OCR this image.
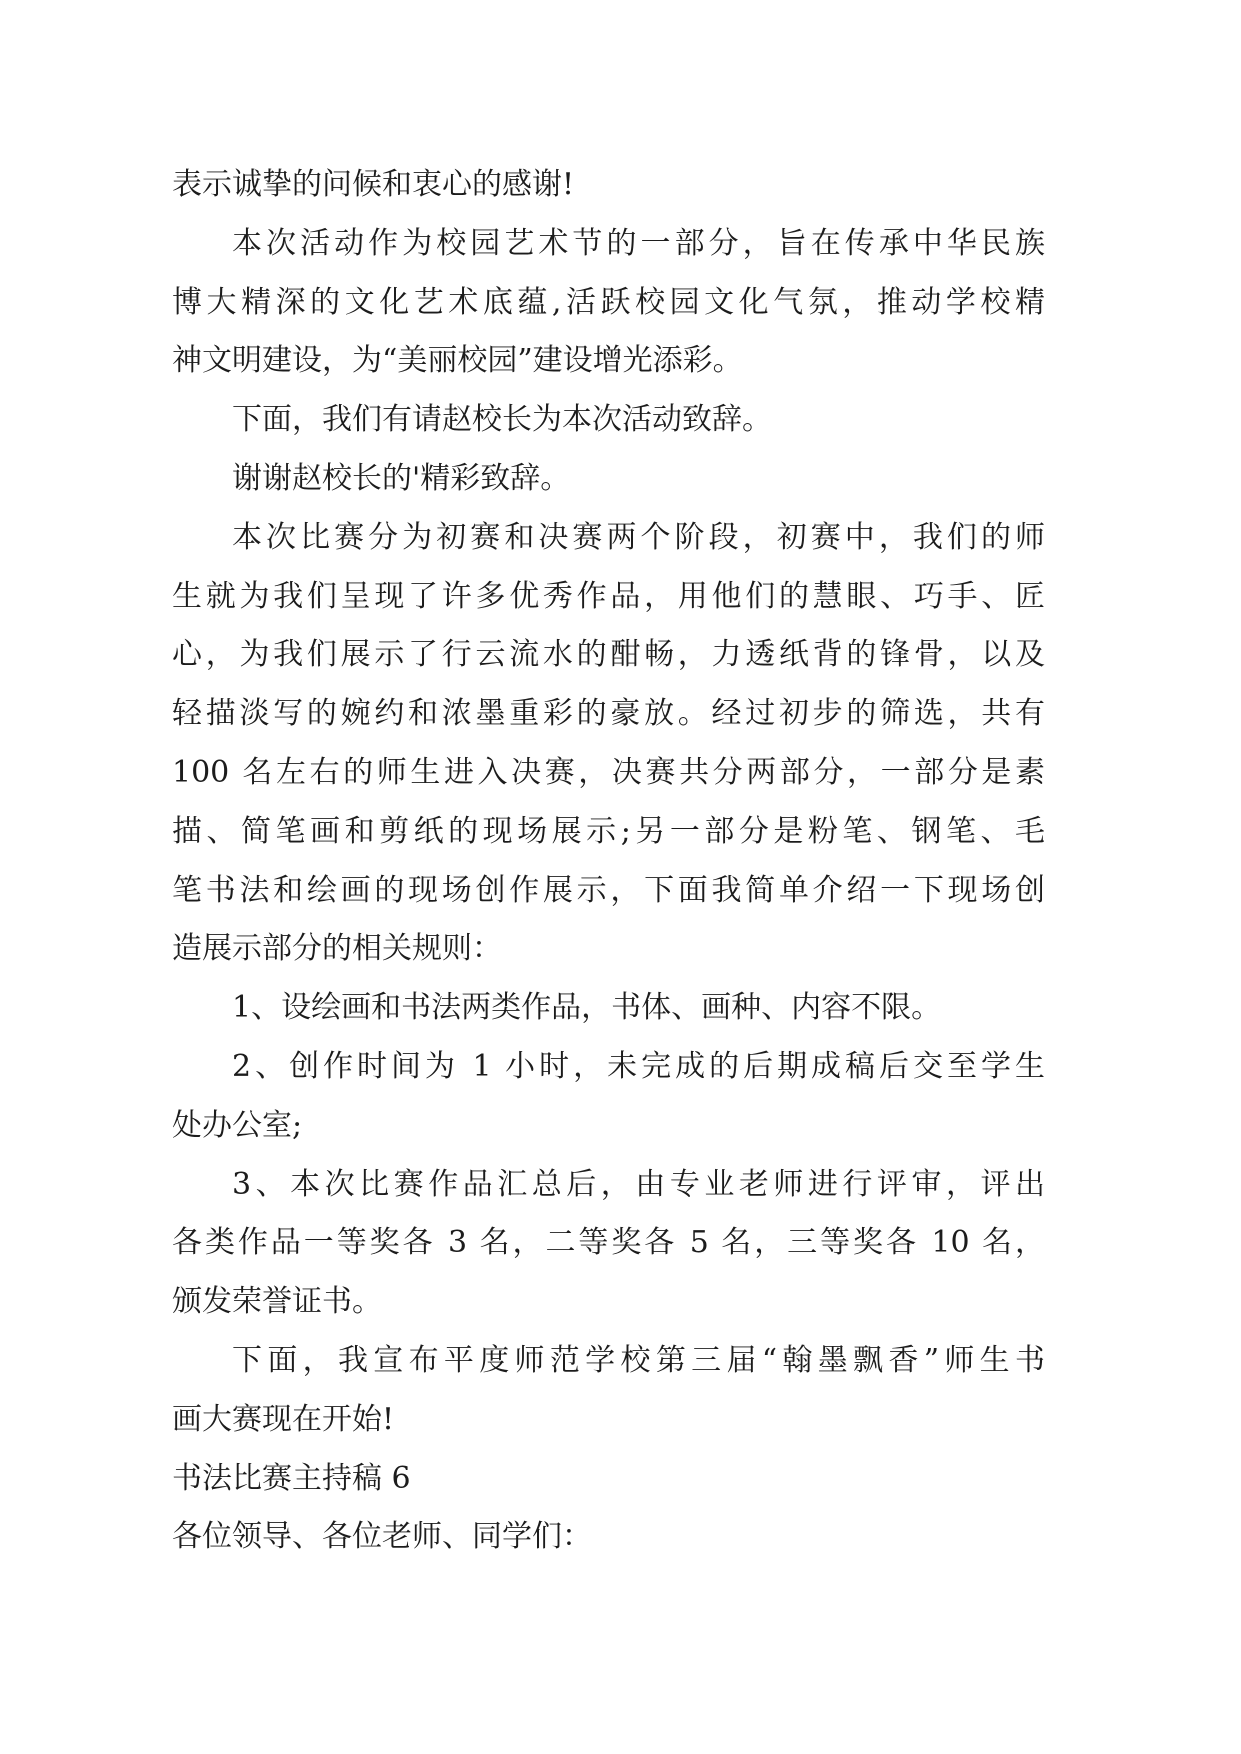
表示诚挚的问候和衷心的感谢!
本次活动作为校园艺术节的一部分，旨在传承中华民族
博大精深的文化艺术底蕴,活跃校园文化气氛，推动学校精
神文明建设，为“美丽校园”建设增光添彩。
下面，我们有请赵校长为本次活动致辞。
谢谢赵校长的'精彩致辞。
本次比赛分为初赛和决赛两个阶段，初赛中，我们的师
生就为我们呈现了许多优秀作品，用他们的慧眼、巧手、匠
心，为我们展示了行云流水的酣畅，力透纸背的锋骨，以及
轻描淡写的婉约和浓墨重彩的豪放。经过初步的筛选，共有
100 名左右的师生进入决赛，决赛共分两部分，一部分是素
描、简笔画和剪纸的现场展示;另一部分是粉笔、钢笔、毛
笔书法和绘画的现场创作展示，下面我简单介绍一下现场创
造展示部分的相关规则：
1、设绘画和书法两类作品，书体、画种、内容不限。
2、创作时间为 1 小时，未完成的后期成稿后交至学生
处办公室;
3、本次比赛作品汇总后，由专业老师进行评审，评出
各类作品一等奖各 3 名，二等奖各 5 名，三等奖各 10 名，
颁发荣誉证书。
下面，我宣布平度师范学校第三届“翰墨飘香”师生书
画大赛现在开始!
书法比赛主持稿 6
各位领导、各位老师、同学们：
